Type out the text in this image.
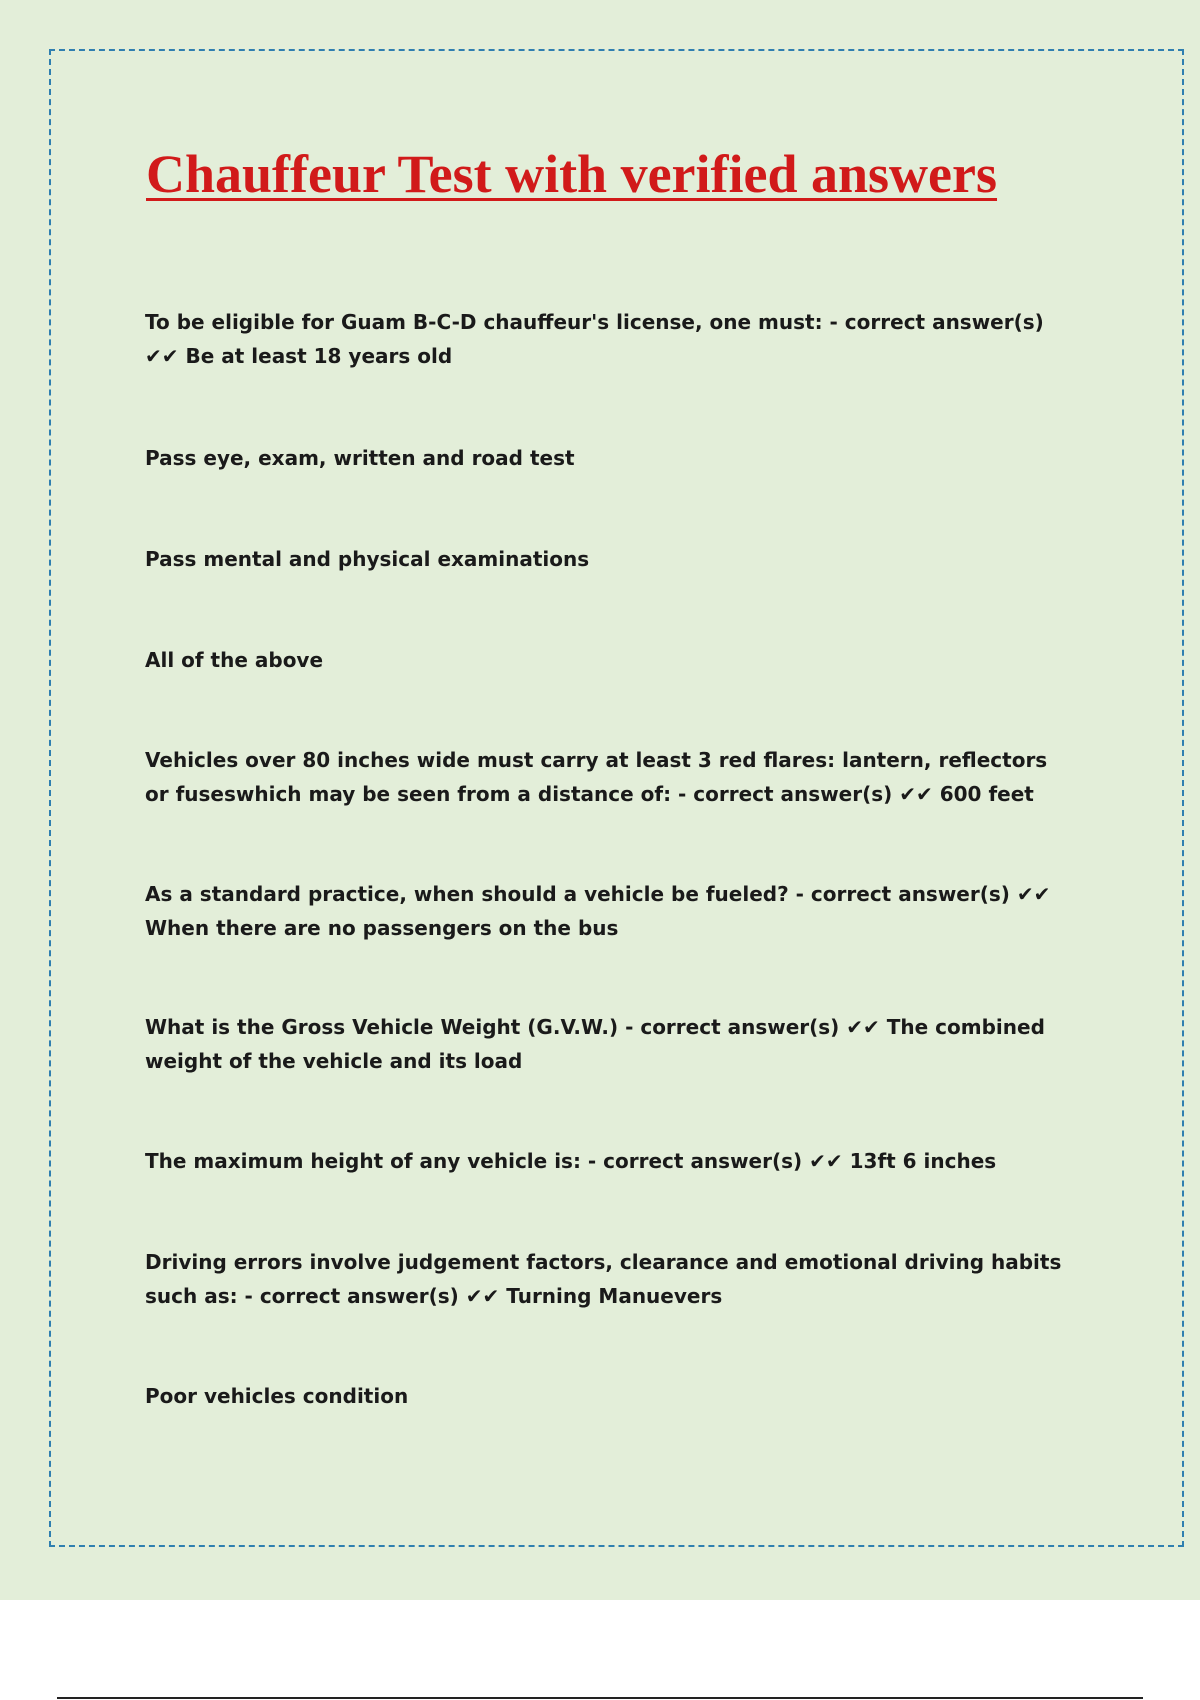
Chauffeur Test with verified answers

To be eligible for Guam B-C-D chauffeur's license, one must: - correct answer(s) ✔✔ Be at least 18 years old

Pass eye, exam, written and road test

Pass mental and physical examinations

All of the above

Vehicles over 80 inches wide must carry at least 3 red flares: lantern, reflectors or fuseswhich may be seen from a distance of: - correct answer(s) ✔✔ 600 feet

As a standard practice, when should a vehicle be fueled? - correct answer(s) ✔✔ When there are no passengers on the bus

What is the Gross Vehicle Weight (G.V.W.) - correct answer(s) ✔✔ The combined weight of the vehicle and its load

The maximum height of any vehicle is: - correct answer(s) ✔✔ 13ft 6 inches

Driving errors involve judgement factors, clearance and emotional driving habits such as: - correct answer(s) ✔✔ Turning Manuevers

Poor vehicles condition
